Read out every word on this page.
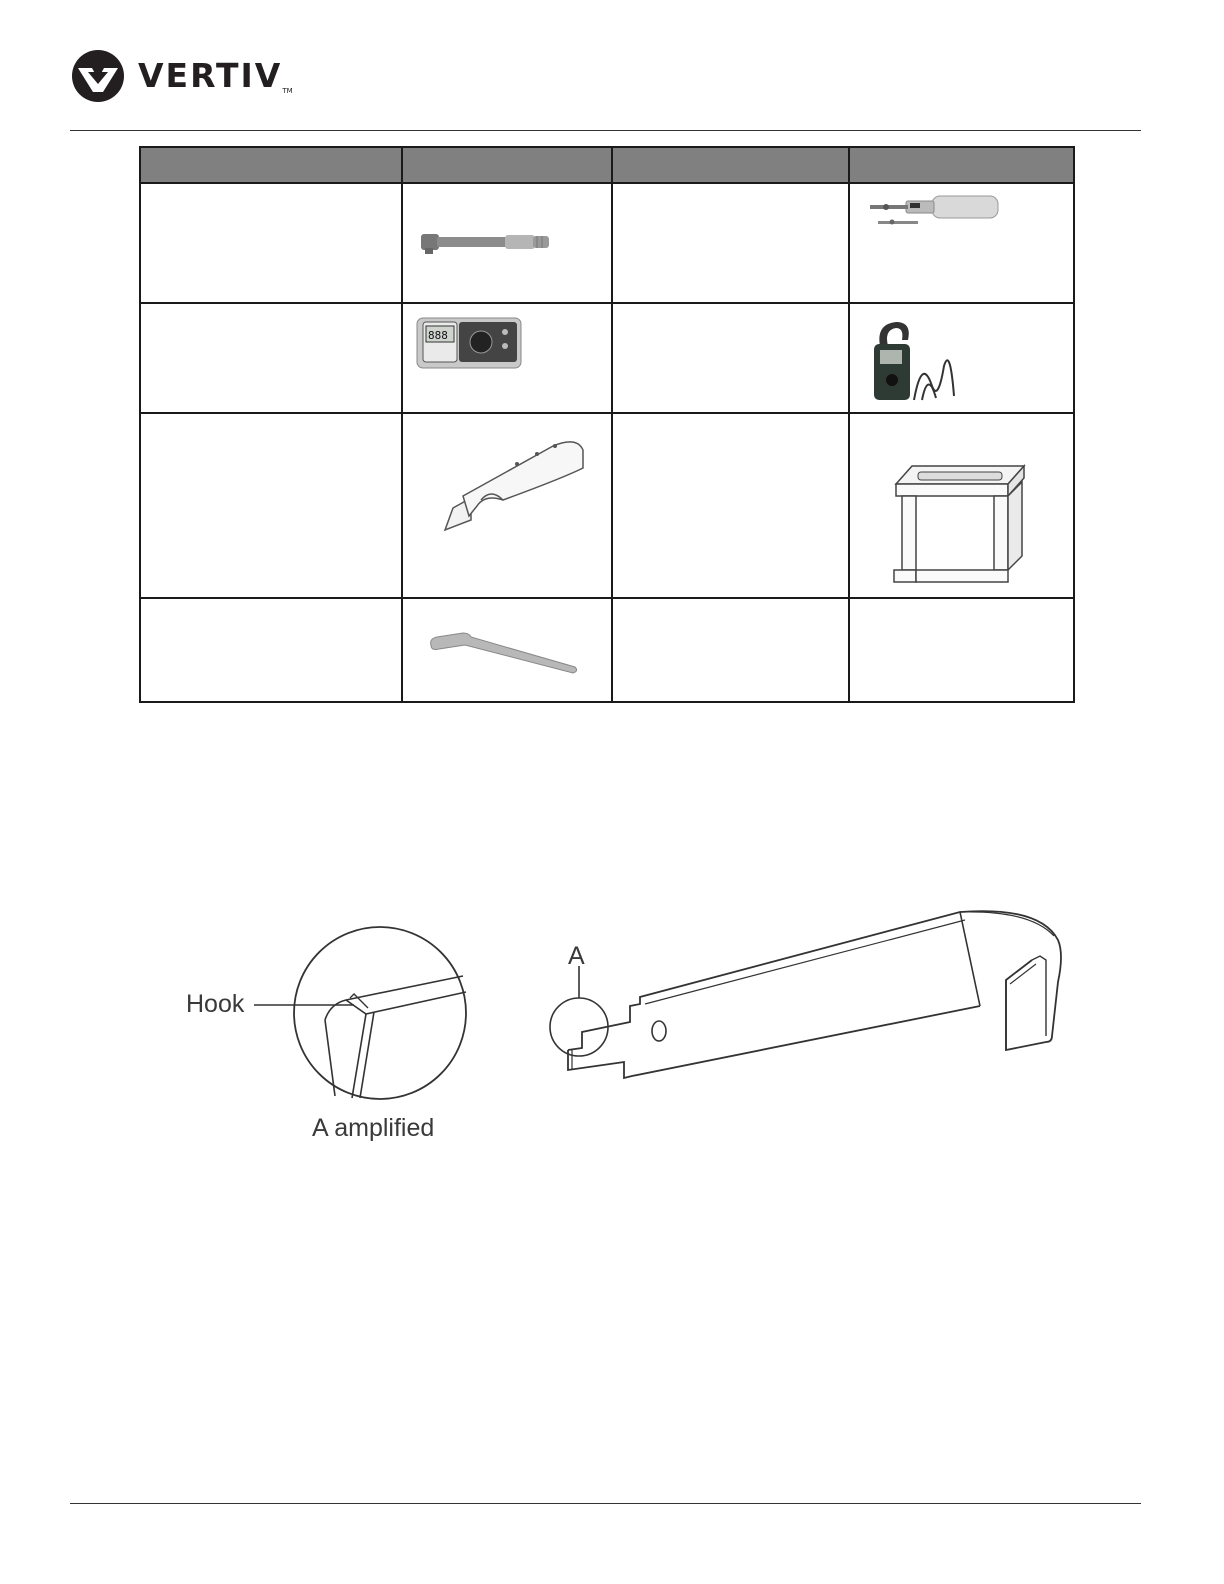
VERTIVTM

888

Hook
A amplified
A
